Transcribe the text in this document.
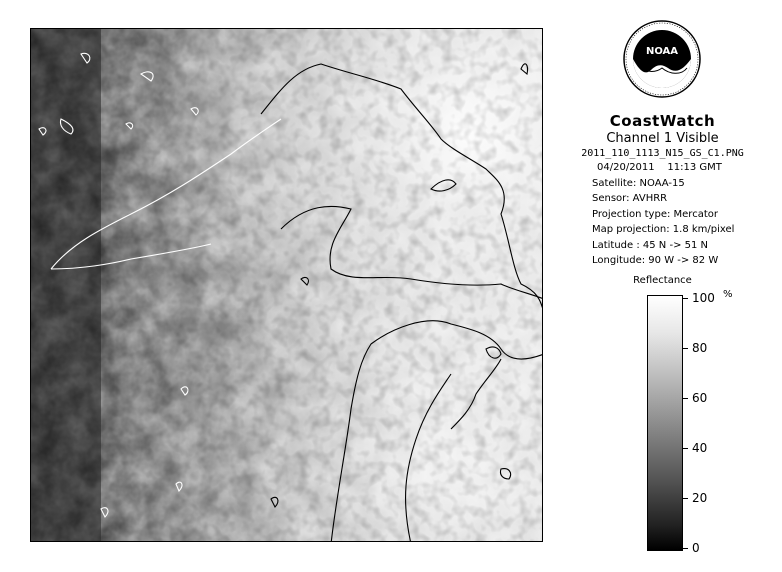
NOAA
CoastWatch
Channel 1 Visible
2011_110_1113_N15_GS_C1.PNG
04/20/2011 11:13 GMT
Satellite: NOAA-15
Sensor: AVHRR
Projection type: Mercator
Map projection: 1.8 km/pixel
Latitude : 45 N -> 51 N
Longitude: 90 W -> 82 W
Reflectance
%
100
80
60
40
20
0
